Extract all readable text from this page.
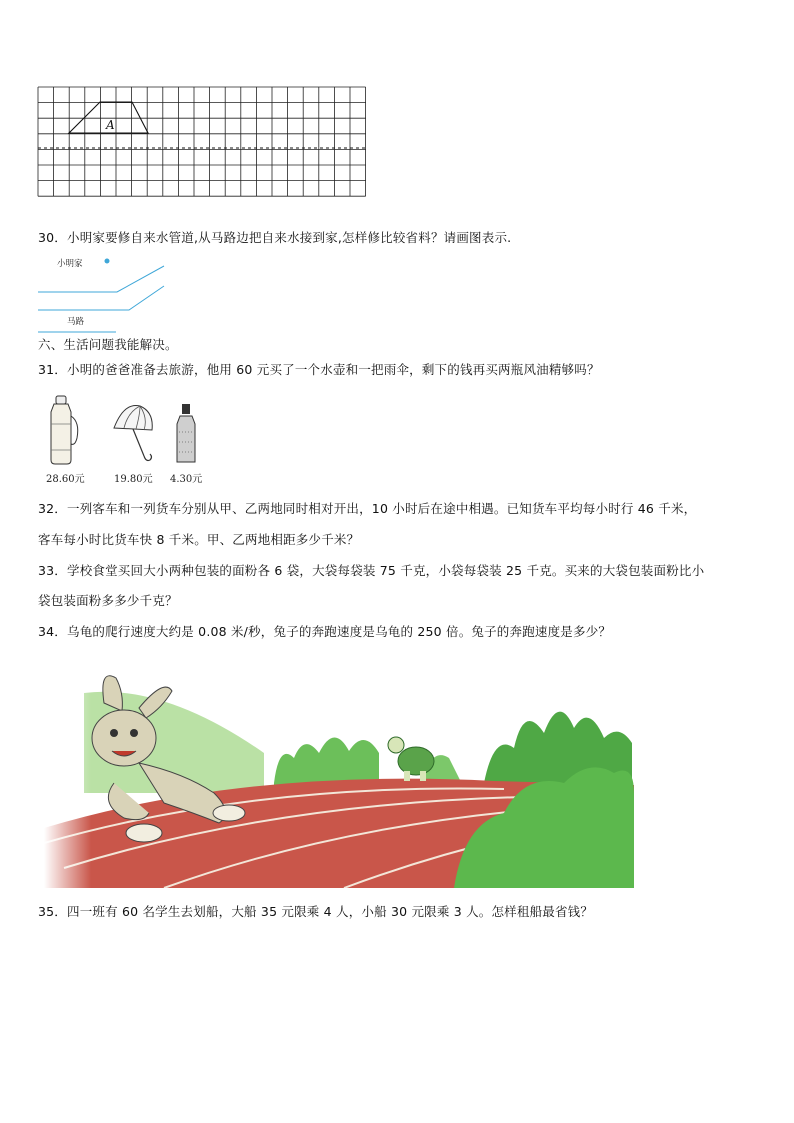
A
30．小明家要修自来水管道,从马路边把自来水接到家,怎样修比较省料？请画图表示.
小明家
马路
六、生活问题我能解决。
31．小明的爸爸准备去旅游，他用 60 元买了一个水壶和一把雨伞，剩下的钱再买两瓶风油精够吗？
28.60元	19.80元 4.30元
32．一列客车和一列货车分别从甲、乙两地同时相对开出，10 小时后在途中相遇。已知货车平均每小时行 46 千米，
客车每小时比货车快 8 千米。甲、乙两地相距多少千米？
33．学校食堂买回大小两种包装的面粉各 6 袋，大袋每袋装 75 千克，小袋每袋装 25 千克。买来的大袋包装面粉比小
袋包装面粉多多少千克？
34．乌龟的爬行速度大约是 0.08 米/秒，兔子的奔跑速度是乌龟的 250 倍。兔子的奔跑速度是多少？
35．四一班有 60 名学生去划船，大船 35 元限乘 4 人，小船 30 元限乘 3 人。怎样租船最省钱？
